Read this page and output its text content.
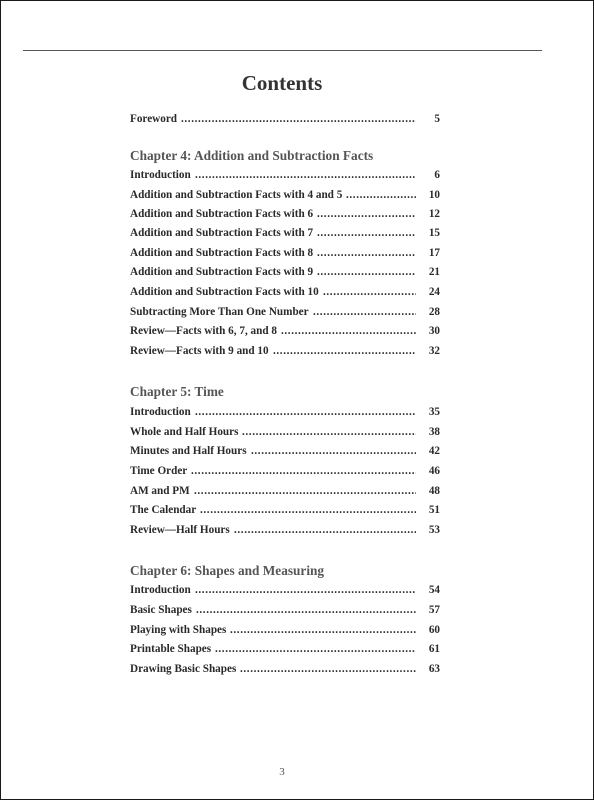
Contents
Foreword .....	5
Chapter 4: Addition and Subtraction Facts
Introduction .....	6
Addition and Subtraction Facts with 4 and 5 .....	10
Addition and Subtraction Facts with 6 .....	12
Addition and Subtraction Facts with 7 .....	15
Addition and Subtraction Facts with 8 .....	17
Addition and Subtraction Facts with 9 .....	21
Addition and Subtraction Facts with 10 .....	24
Subtracting More Than One Number .....	28
Review—Facts with 6, 7, and 8 .....	30
Review—Facts with 9 and 10 .....	32
Chapter 5: Time
Introduction .....	35
Whole and Half Hours .....	38
Minutes and Half Hours .....	42
Time Order .....	46
AM and PM .....	48
The Calendar .....	51
Review—Half Hours .....	53
Chapter 6: Shapes and Measuring
Introduction .....	54
Basic Shapes .....	57
Playing with Shapes .....	60
Printable Shapes .....	61
Drawing Basic Shapes .....	63
3
